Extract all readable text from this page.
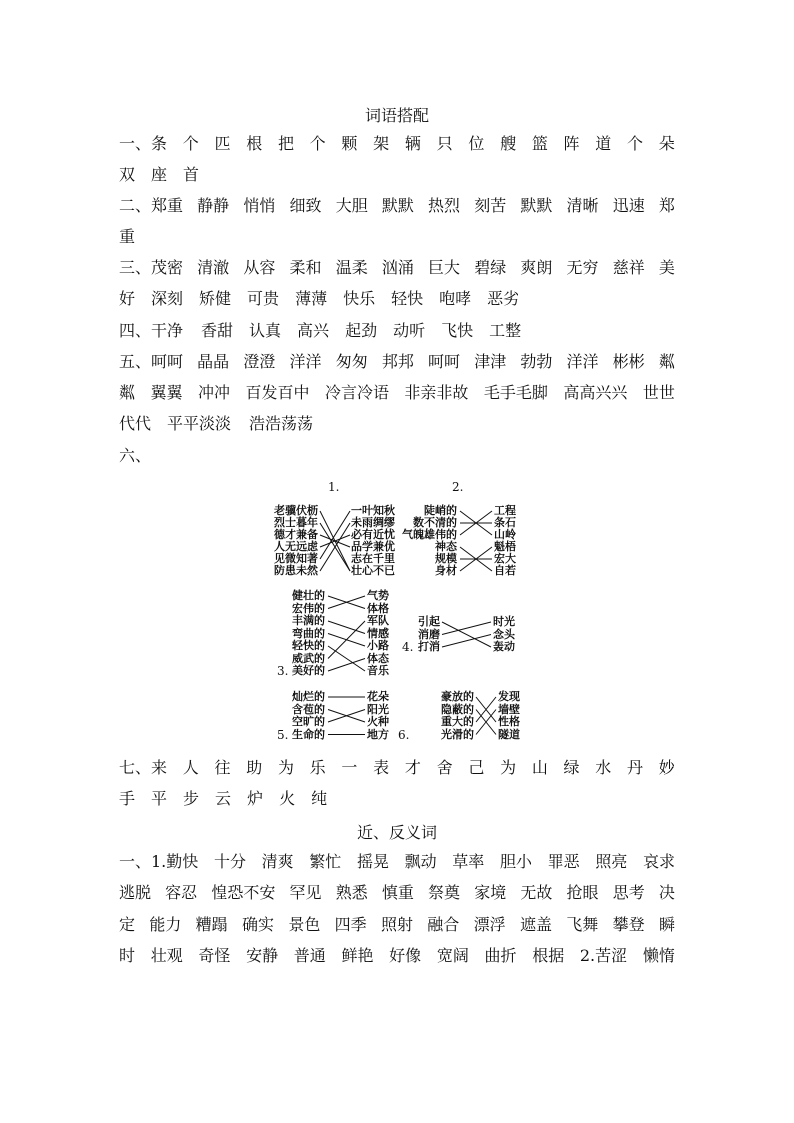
词语搭配
近、反义词
一、条 个 匹 根 把 个 颗 架 辆 只 位 艘 篮 阵 道 个 朵
双 座 首
二、郑重 静静 悄悄 细致 大胆 默默 热烈 刻苦 默默 清晰 迅速 郑
重
三、茂密 清澈 从容 柔和 温柔 汹涌 巨大 碧绿 爽朗 无穷 慈祥 美
好 深刻 矫健 可贵 薄薄 快乐 轻快 咆哮 恶劣
四、干净 香甜 认真 高兴 起劲 动听 飞快 工整
五、呵呵 晶晶 澄澄 洋洋 匆匆 邦邦 呵呵 津津 勃勃 洋洋 彬彬 粼
粼 翼翼 冲冲 百发百中 冷言冷语 非亲非故 毛手毛脚 高高兴兴 世世
代代 平平淡淡 浩浩荡荡
六、
七、来 人 往 助 为 乐 一 表 才 舍 己 为 山 绿 水 丹 妙
手 平 步 云 炉 火 纯
一、1.勤快 十分 清爽 繁忙 摇晃 飘动 草率 胆小 罪恶 照亮 哀求
逃脱 容忍 惶恐不安 罕见 熟悉 慎重 祭奠 家境 无故 抢眼 思考 决
定 能力 糟蹋 确实 景色 四季 照射 融合 漂浮 遮盖 飞舞 攀登 瞬
时 壮观 奇怪 安静 普通 鲜艳 好像 宽阔 曲折 根据 2.苦涩 懒惰
1.	2.
老骥伏枥
烈士暮年
德才兼备
人无远虑
见微知著
防患未然
一叶知秋
未雨绸缪
必有近忧
品学兼优
志在千里
壮心不已
陡峭的
数不清的
气魄雄伟的
神态
规模
身材
工程
条石
山岭
魁梧
宏大
自若
健壮的
宏伟的
丰满的
弯曲的
轻快的
威武的
美好的
气势
体格
军队
情感
小路
体态
音乐
3.
引起
消磨
打消
时光
念头
轰动
4.
灿烂的
含苞的
空旷的
生命的
花朵
阳光
火种
地方
5.
豪放的
隐蔽的
重大的
光滑的
发现
墙壁
性格
隧道
6.
